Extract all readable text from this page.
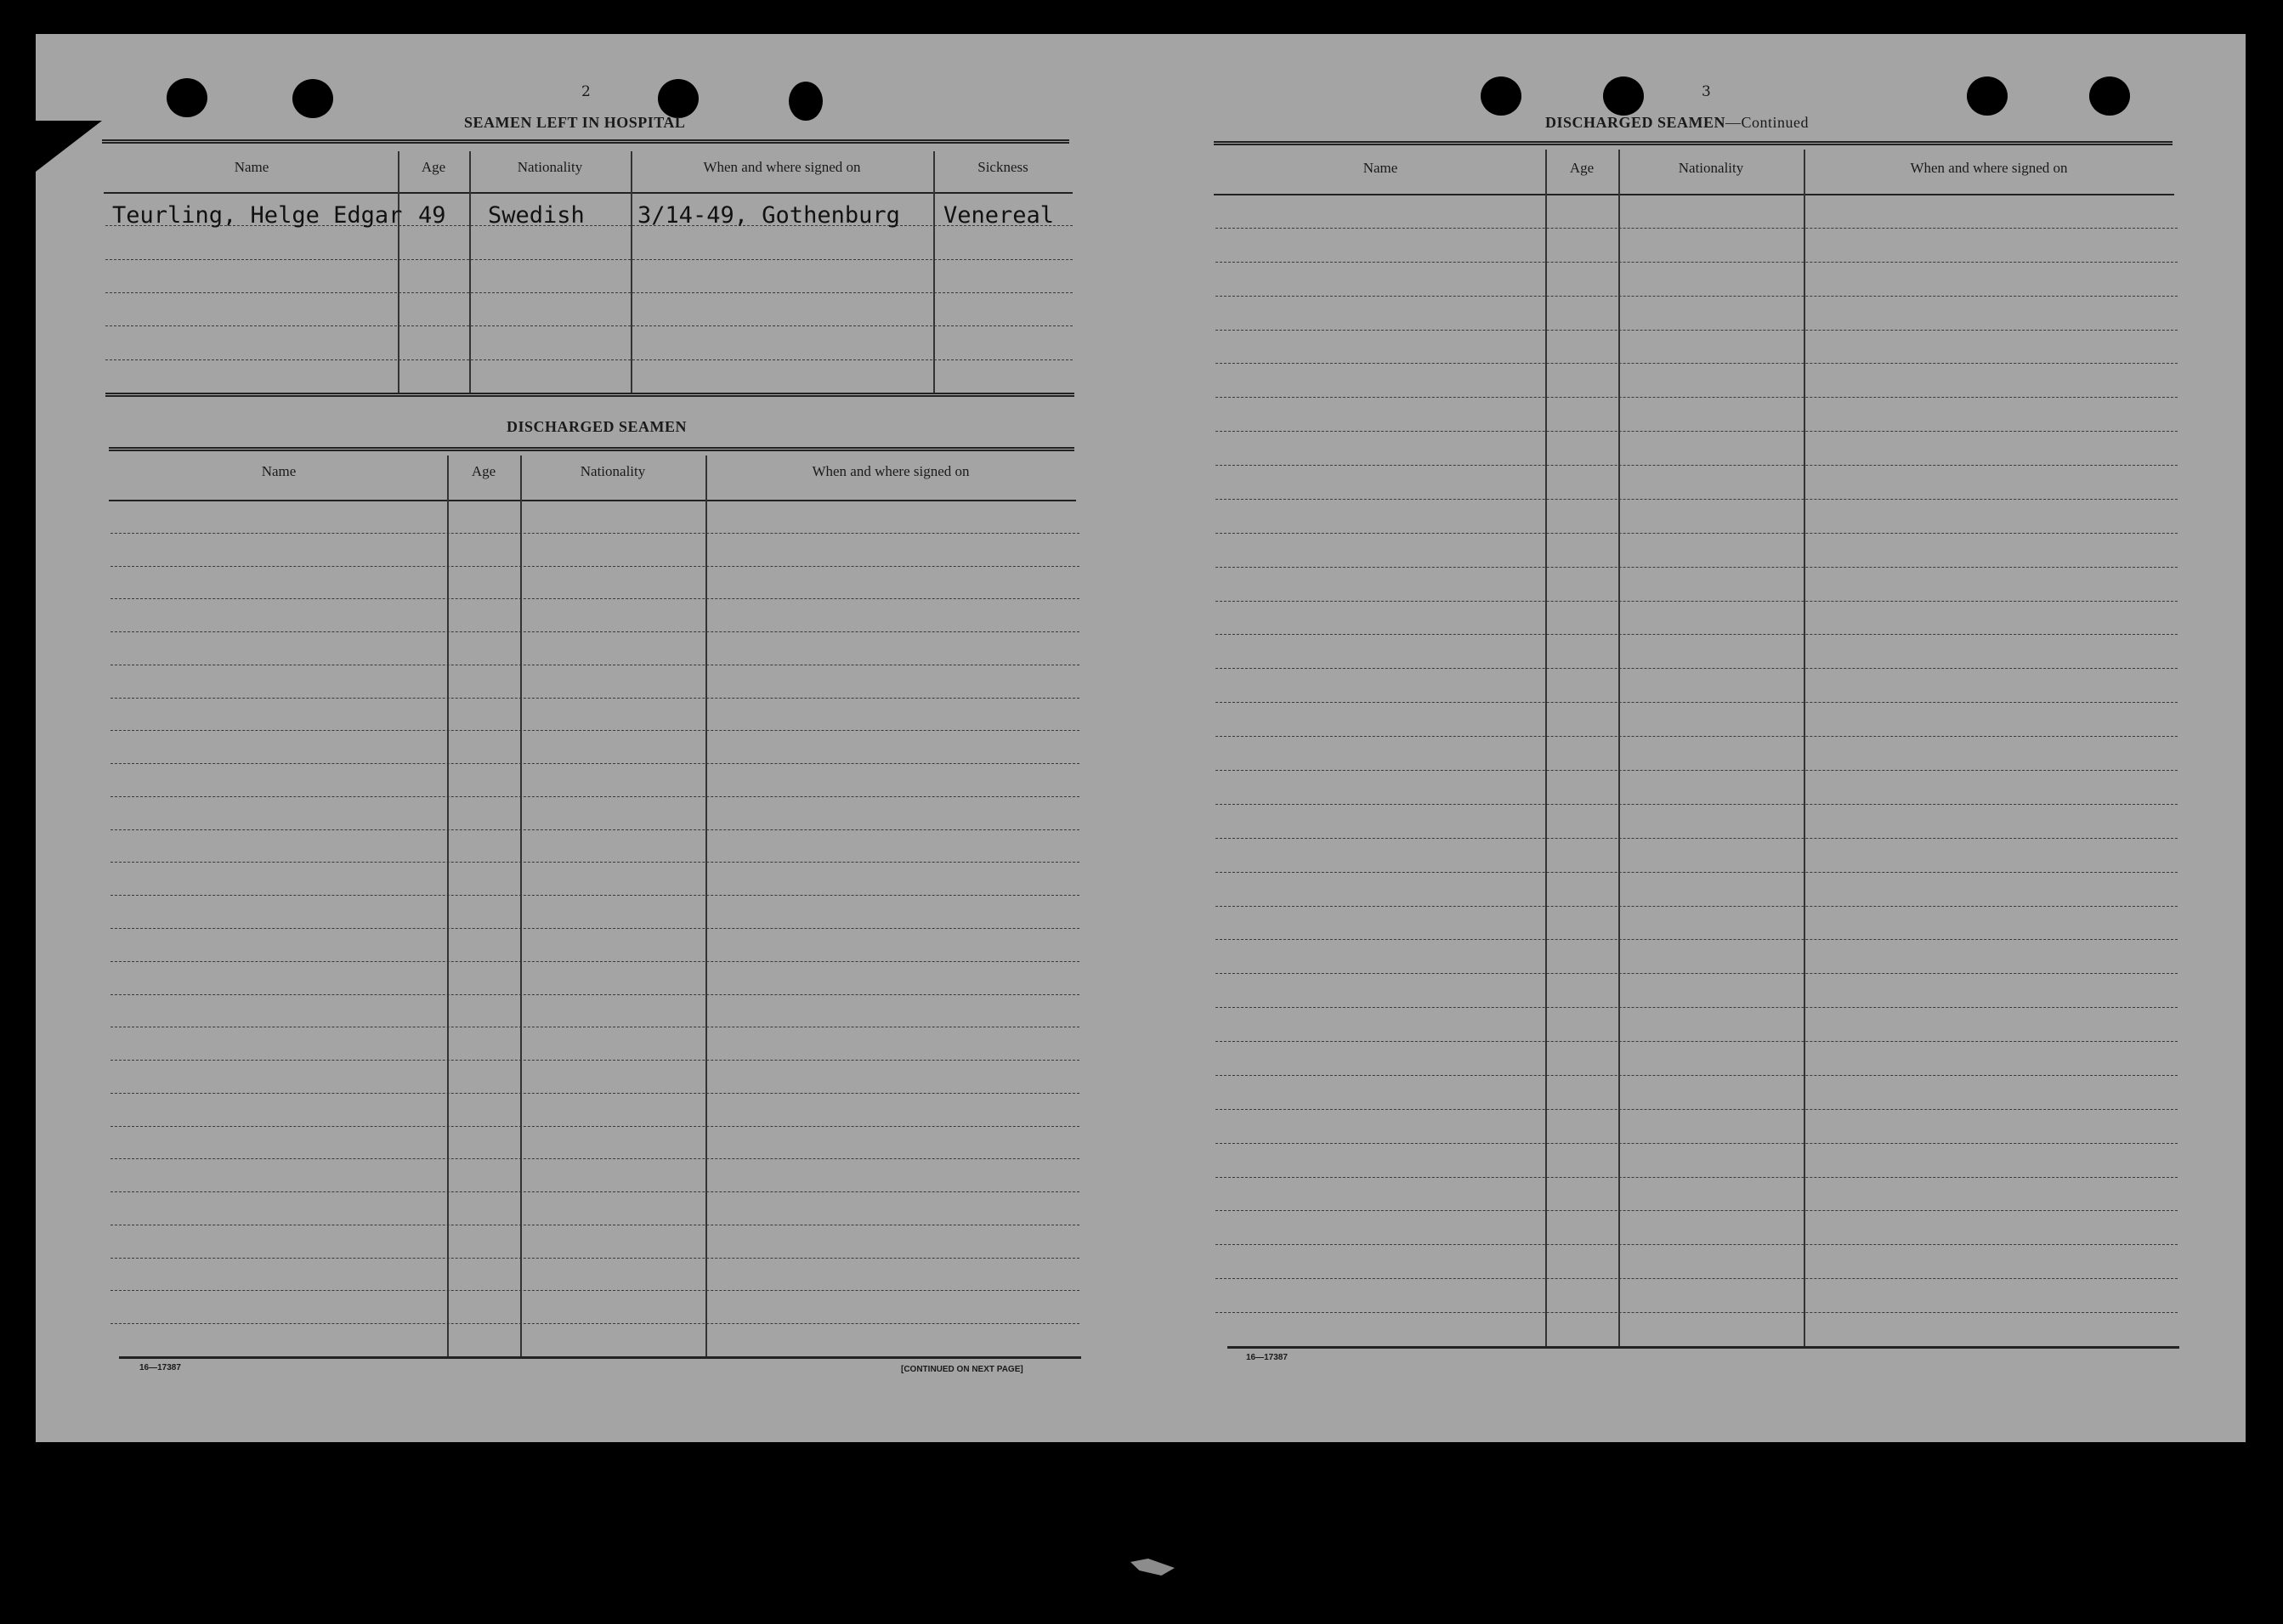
2
SEAMEN LEFT IN HOSPITAL
Name	Age	Nationality	When and where signed on	Sickness
Teurling, Helge Edgar 49 Swedish 3/14-49, Gothenburg Venereal
DISCHARGED SEAMEN
Name	Age	Nationality	When and where signed on
16—17387	[CONTINUED ON NEXT PAGE]
3
DISCHARGED SEAMEN—Continued
Name	Age	Nationality	When and where signed on
16—17387
